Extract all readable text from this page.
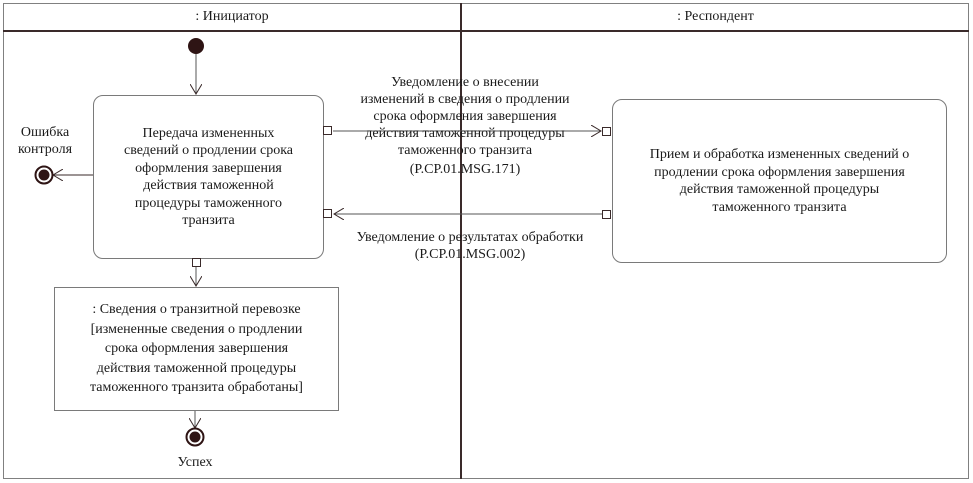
: Инициатор	: Респондент
Передача измененных
сведений о продлении срока
оформления завершения
действия таможенной
процедуры таможенного
транзита
Прием и обработка измененных сведений о
продлении срока оформления завершения
действия таможенной процедуры
таможенного транзита
: Сведения о транзитной перевозке
[измененные сведения о продлении
срока оформления завершения
действия таможенной процедуры
таможенного транзита обработаны]
Уведомление о внесении
изменений в сведения о продлении
срока оформления завершения
действия таможенной процедуры
таможенного транзита
(P.CP.01.MSG.171)
Уведомление о результатах обработки
(P.CP.01.MSG.002)
Ошибка
контроля
Успех
